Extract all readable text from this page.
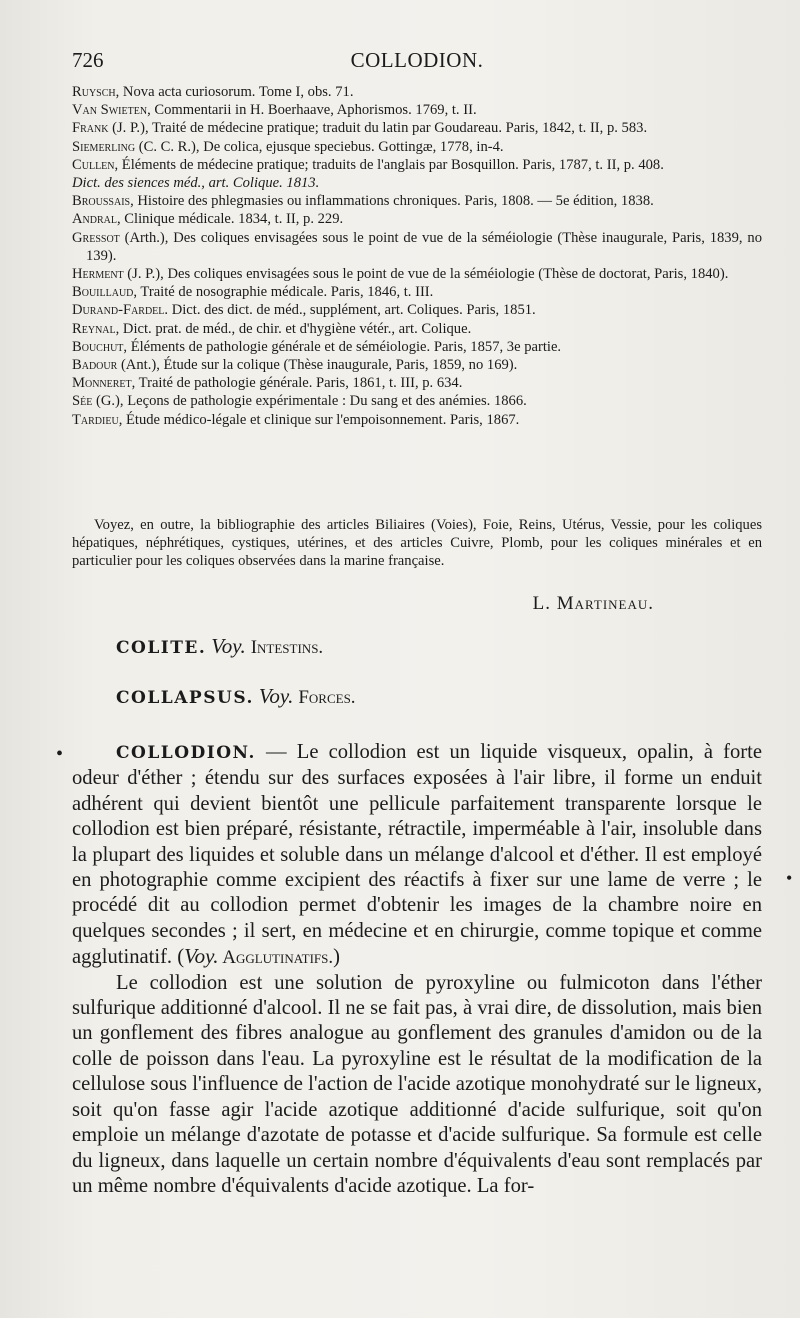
726	COLLODION.
Ruysch, Nova acta curiosorum. Tome I, obs. 71.
Van Swieten, Commentarii in H. Boerhaave, Aphorismos. 1769, t. II.
Frank (J. P.), Traité de médecine pratique; traduit du latin par Goudareau. Paris, 1842, t. II, p. 583.
Siemerling (C. C. R.), De colica, ejusque speciebus. Gottingæ, 1778, in-4.
Cullen, Éléments de médecine pratique; traduits de l'anglais par Bosquillon. Paris, 1787, t. II, p. 408.
Dict. des siences méd., art. Colique. 1813.
Broussais, Histoire des phlegmasies ou inflammations chroniques. Paris, 1808. — 5e édition, 1838.
Andral, Clinique médicale. 1834, t. II, p. 229.
Gressot (Arth.), Des coliques envisagées sous le point de vue de la séméiologie (Thèse inaugurale, Paris, 1839, no 139).
Herment (J. P.), Des coliques envisagées sous le point de vue de la séméiologie (Thèse de doctorat, Paris, 1840).
Bouillaud, Traité de nosographie médicale. Paris, 1846, t. III.
Durand-Fardel. Dict. des dict. de méd., supplément, art. Coliques. Paris, 1851.
Reynal, Dict. prat. de méd., de chir. et d'hygiène vétér., art. Colique.
Bouchut, Éléments de pathologie générale et de séméiologie. Paris, 1857, 3e partie.
Badour (Ant.), Étude sur la colique (Thèse inaugurale, Paris, 1859, no 169).
Monneret, Traité de pathologie générale. Paris, 1861, t. III, p. 634.
Sée (G.), Leçons de pathologie expérimentale : Du sang et des anémies. 1866.
Tardieu, Étude médico-légale et clinique sur l'empoisonnement. Paris, 1867.
Voyez, en outre, la bibliographie des articles Biliaires (Voies), Foie, Reins, Utérus, Vessie, pour les coliques hépatiques, néphrétiques, cystiques, utérines, et des articles Cuivre, Plomb, pour les coliques minérales et en particulier pour les coliques observées dans la marine française.
L. Martineau.
COLITE. Voy. Intestins.
COLLAPSUS. Voy. Forces.
•	COLLODION. — Le collodion est un liquide visqueux, opalin, à forte odeur d'éther ; étendu sur des surfaces exposées à l'air libre, il forme un enduit adhérent qui devient bientôt une pellicule parfaitement transparente lorsque le collodion est bien préparé, résistante, rétractile, imperméable à l'air, insoluble dans la plupart des liquides et soluble dans un mélange d'alcool et d'éther. Il est employé en photographie comme excipient des réactifs à fixer sur une lame de verre ; le procédé dit au collodion permet d'obtenir les images de la chambre noire en quelques secondes ; il sert, en médecine et en chirurgie, comme topique et comme agglutinatif. (Voy. Agglutinatifs.)

Le collodion est une solution de pyroxyline ou fulmicoton dans l'éther sulfurique additionné d'alcool. Il ne se fait pas, à vrai dire, de dissolution, mais bien un gonflement des fibres analogue au gonflement des granules d'amidon ou de la colle de poisson dans l'eau. La pyroxyline est le résultat de la modification de la cellulose sous l'influence de l'action de l'acide azotique monohydraté sur le ligneux, soit qu'on fasse agir l'acide azotique additionné d'acide sulfurique, soit qu'on emploie un mélange d'azotate de potasse et d'acide sulfurique. Sa formule est celle du ligneux, dans laquelle un certain nombre d'équivalents d'eau sont remplacés par un même nombre d'équivalents d'acide azotique. La for-

•
